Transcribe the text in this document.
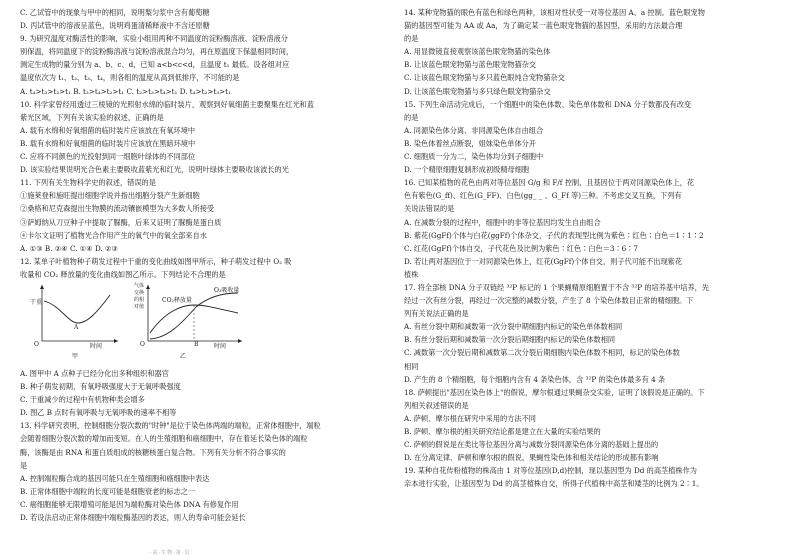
C. 乙试管中的现象与甲中的相同，说明梨匀浆中含有葡萄糖
D. 丙试管中的溶液呈蓝色，说明鸡蛋清稀释液中不含还原糖
9. 为研究温度对酶活性的影响，实验小组用两种不同温度的淀粉酶溶液、淀粉溶液分
别保温，将同温度下的淀粉酶溶液与淀粉溶液混合均匀，再在原温度下保温相同时间，
测定生成物的量分别为 a、b、c、d，已知 a<b<c<d，且温度 t₁ 最低。设各组对应
温度依次为 t₁、t₂、t₃、t₄，则各组的温度从高到低排序，不可能的是
A. t₄>t₃>t₂>t₁ B. t₃>t₄>t₂>t₁ C. t₂>t₃>t₄>t₁ D. t₄>t₂>t₃>t₁
10. 科学家曾经用透过三棱镜的光照射水绵的临时装片，观察到好氧细菌主要聚集在红光和蓝
紫光区域，下列有关该实验的叙述，正确的是
A. 载有水绵和好氧细菌的临时装片应该放在有氧环境中
B. 载有水绵和好氧细菌的临时装片应该放在黑暗环境中
C. 应将不同颜色的光投射到同一细胞叶绿体的不同部位
D. 该实验结果说明光合色素主要吸收蓝紫光和红光，说明叶绿体主要吸收该波长的光
11. 下列有关生物科学史的叙述，错误的是
①施莱登和施旺提出细胞学说并指出细胞分裂产生新细胞
②桑格和尼克森提出生物膜的流动镶嵌模型为大多数人所接受
③萨姆纳从刀豆种子中提取了脲酶，后来又证明了脲酶是蛋白质
④卡尔文证明了植物光合作用产生的氧气中的氧全部来自水
A. ①③ B. ②④ C. ①④ D. ②③
12. 某单子叶植物种子萌发过程中干重的变化曲线如图甲所示，种子萌发过程中 O₂ 吸
收量和 CO₂ 释放量的变化曲线如图乙所示。下列结论不合理的是
干重
A
O	时间
甲
气体交换的相对值
CO₂释放量
O₂吸收量
B
O	时间
乙
A. 图甲中 A 点种子已经分化出多种组织和器官
B. 种子萌发初期，有氧呼吸强度大于无氧呼吸强度
C. 干重减少的过程中有机物种类会增多
D. 图乙 B 点时有氧呼吸与无氧呼吸的速率不相等
13. 科学研究表明，控制细胞分裂次数的"时钟"是位于染色体两端的端粒，正常体细胞中，端粒
会随着细胞分裂次数的增加而变短。在人的生殖细胞和癌细胞中，存在着延长染色体的端粒
酶，该酶是由 RNA 和蛋白质组成的核糖核蛋白复合物。下列有关分析不符合事实的
是
A. 控制端粒酶合成的基因可能只在生殖细胞和癌细胞中表达
B. 正常体细胞中端粒的长度可能是细胞衰老的标志之一
C. 癌细胞能够无限增殖可能是因为端粒酶对染色体 DNA 有修复作用
D. 若设法启动正常体细胞中端粒酶基因的表达，则人的寿命可能会延长
14. 某种宠物猫的眼色有蓝色和绿色两种，该相对性状受一对等位基因 A、a 控制。蓝色眼宠物
猫的基因型可能为 AA 或 Aa，为了确定某一蓝色眼宠物猫的基因型，采用的方法最合理
的是
A. 用显微镜直接观察该蓝色眼宠物猫的染色体
B. 让该蓝色眼宠物猫与蓝色眼宠物猫杂交
C. 让该蓝色眼宠物猫与多只蓝色眼纯合宠物猫杂交
D. 让该蓝色眼宠物猫与多只绿色眼宠物猫杂交
15. 下列生命活动完成后，一个细胞中的染色体数、染色单体数和 DNA 分子数都没有改变
的是
A. 同源染色体分离、非同源染色体自由组合
B. 染色体着丝点断裂，姐妹染色单体分开
C. 细胞质一分为二，染色体均分到子细胞中
D. 一个精原细胞复制形成初级精母细胞
16. 已知某植物的花色由两对等位基因 G/g 和 F/f 控制，且基因位于两对同源染色体上，花
色有紫色(G_ff)、红色(G_FF)、白色(gg_ _ 、G_Ff 等)三种。不考虑交叉互换，下列有
关说法错误的是
A. 在减数分裂的过程中，细胞中的非等位基因均发生自由组合
B. 紫花(GgFf)个体与白花(ggFf)个体杂交，子代的表现型比例为紫色∶红色∶白色＝1∶1∶2
C. 红花(GgFf)个体自交，子代花色及比例为紫色∶红色∶白色＝3∶6∶7
D. 若让两对基因位于一对同源染色体上，红花(GgFf)个体自交，则子代可能不出现紫花
植株
17. 将全部核 DNA 分子双链经 ³²P 标记的 1 个果蝇精原细胞置于不含 ³²P 的培养基中培养，先
经过一次有丝分裂，再经过一次完整的减数分裂，产生了 8 个染色体数目正常的精细胞。下
列有关说法正确的是
A. 有丝分裂中期和减数第一次分裂中期细胞内标记的染色单体数相同
B. 有丝分裂后期和减数第一次分裂后期细胞内标记的染色体数相同
C. 减数第一次分裂后期和减数第二次分裂后期细胞内染色体数不相同，标记的染色体数
相同
D. 产生的 8 个精细胞，每个细胞内含有 4 条染色体，含 ³²P 的染色体最多有 4 条
18. 萨顿提出"基因在染色体上"的假说，摩尔根通过果蝇杂交实验，证明了该假说是正确的。下
列相关叙述错误的是
A. 萨顿、摩尔根在研究中采用的方法不同
B. 萨顿、摩尔根的相关研究结论都是建立在大量的实验结果的
C. 萨顿的假说是在类比等位基因分离与减数分裂同源染色体分离的基础上提出的
D. 在分离定律、萨顿和摩尔根的假说，果蝇性染色体和相关结论的形成都有影响
19. 某种自花传粉植物的株高由 1 对等位基因(D,d)控制，现以基因型为 Dd 的高茎植株作为
亲本进行实验，让基因型为 Dd 的高茎植株自交，所得子代植株中高茎和矮茎的比例为 2∶1。
·高·生物·第·页
